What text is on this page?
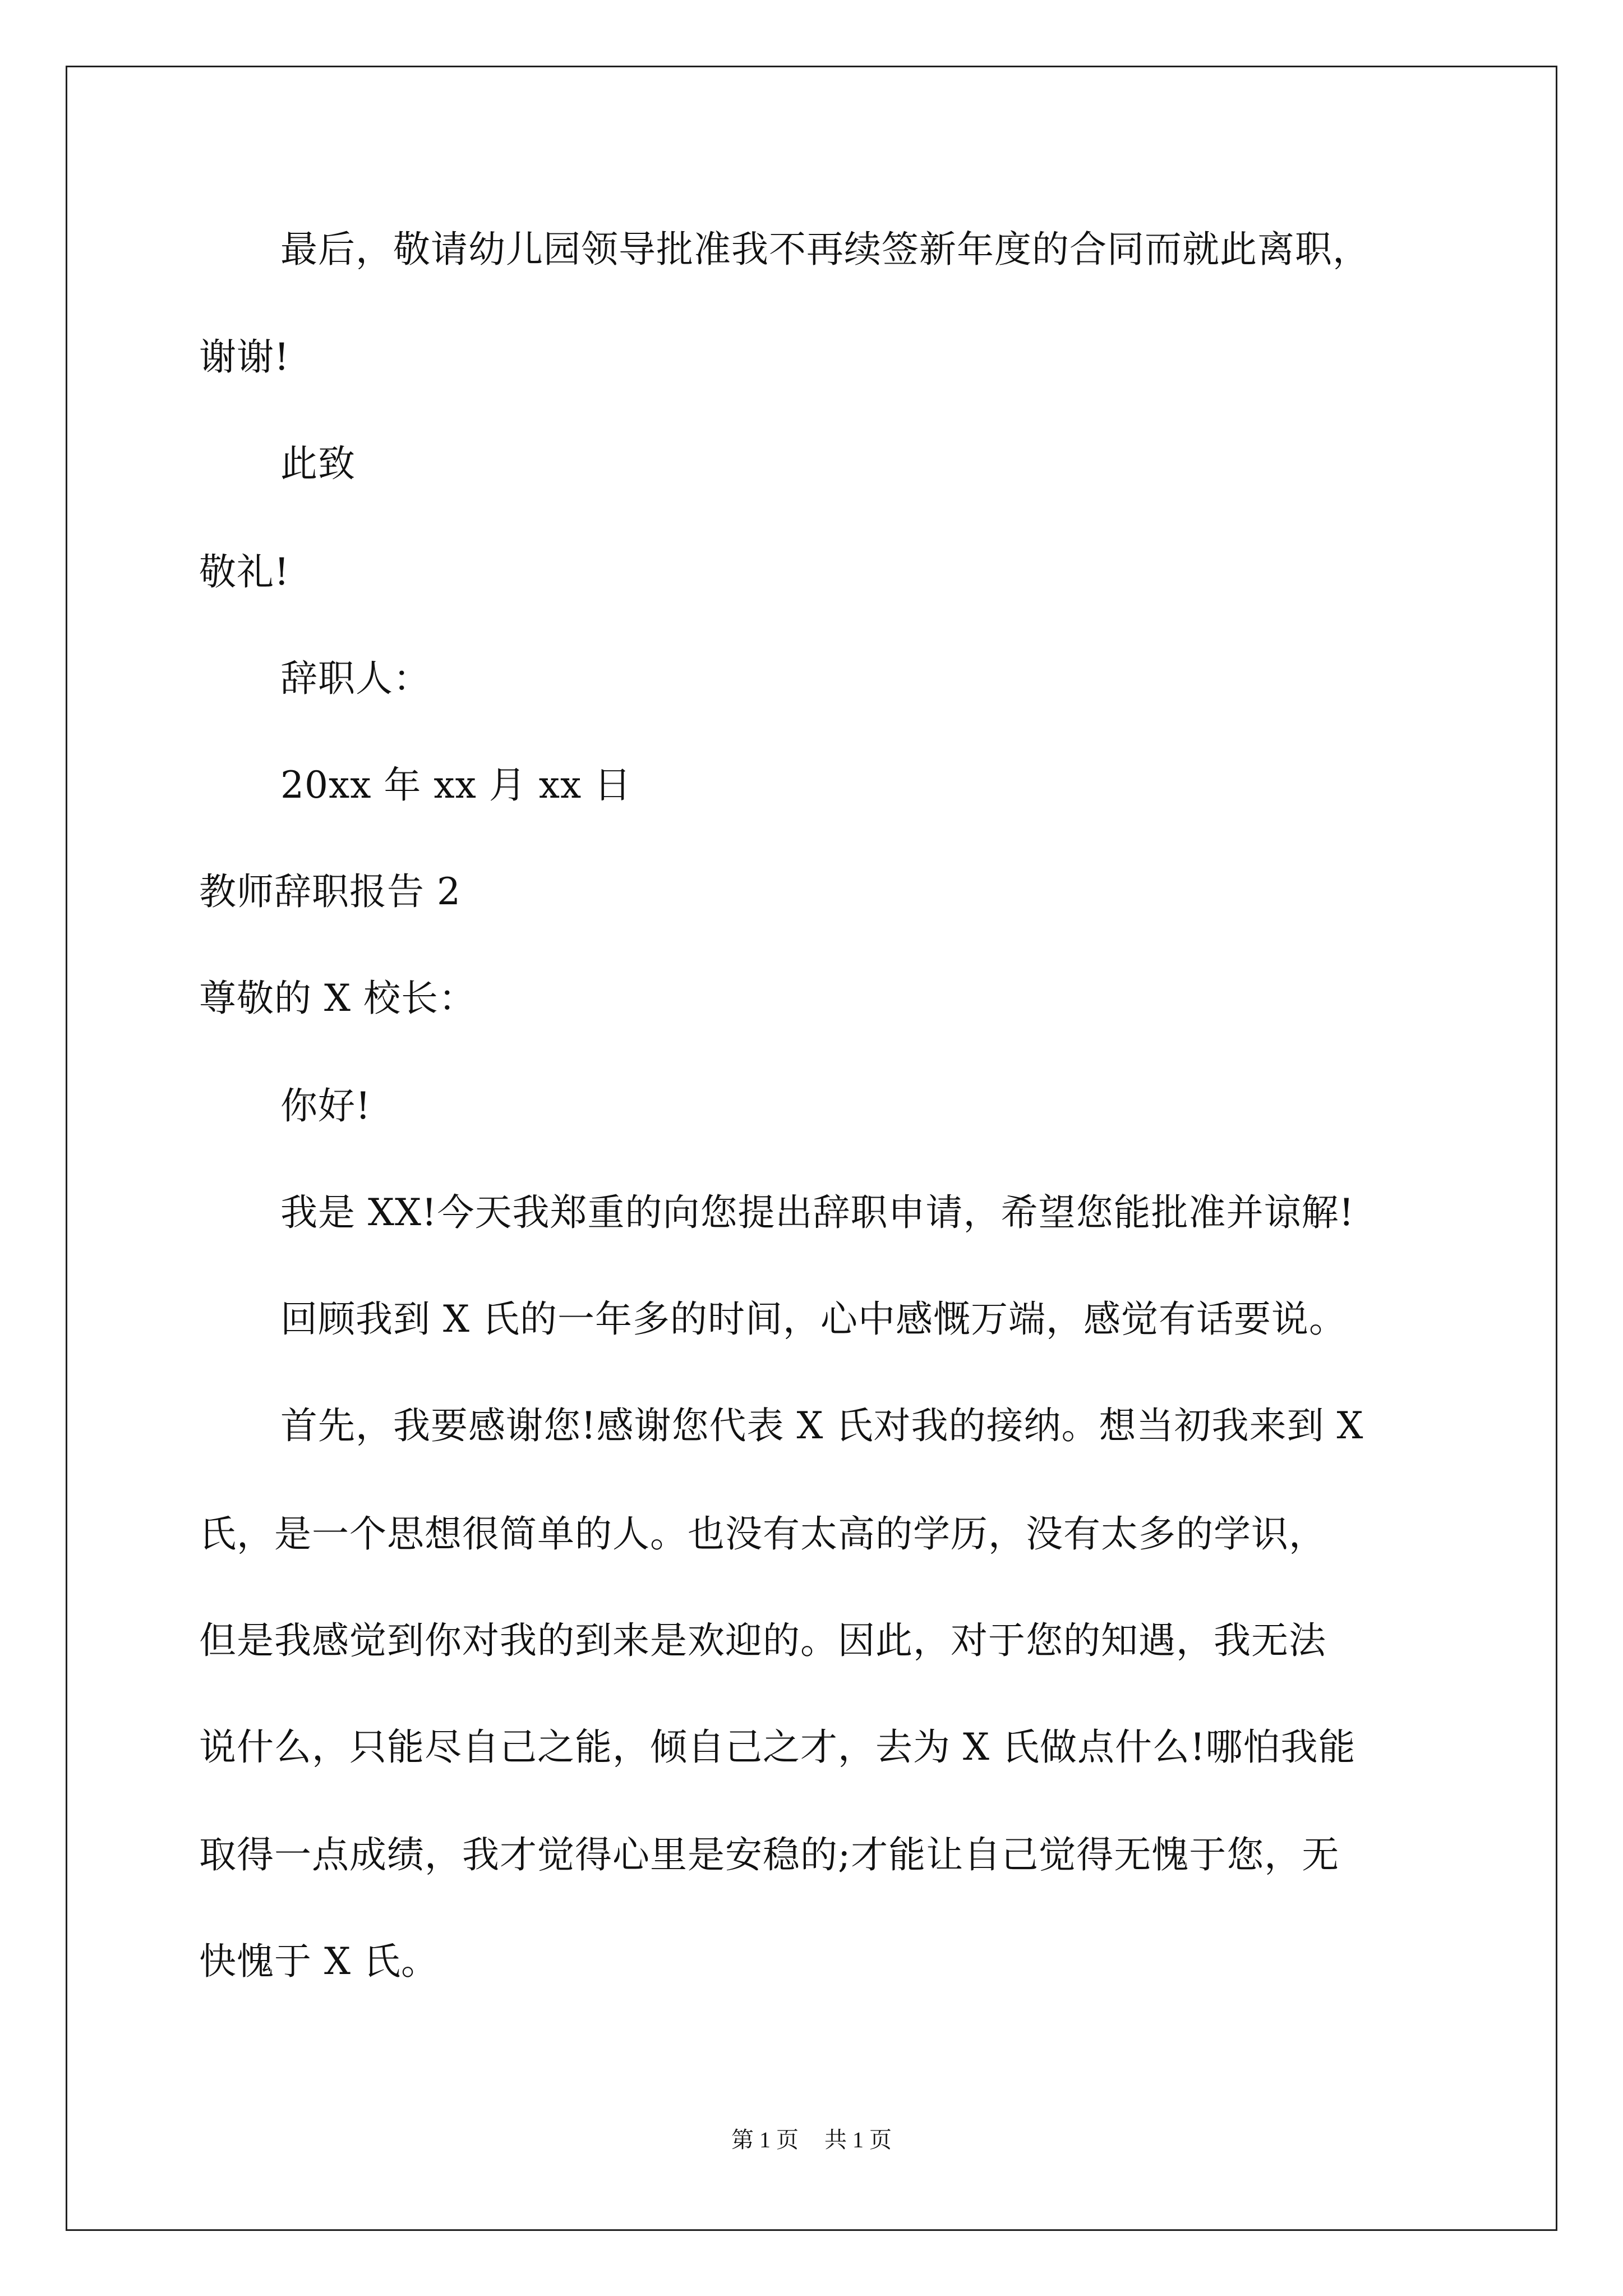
最后，敬请幼儿园领导批准我不再续签新年度的合同而就此离职，
谢谢!
此致
敬礼!
辞职人：
20xx 年 xx 月 xx 日
教师辞职报告 2
尊敬的 X 校长：
你好!
我是 XX!今天我郑重的向您提出辞职申请，希望您能批准并谅解!
回顾我到 X 氏的一年多的时间，心中感慨万端，感觉有话要说。
首先，我要感谢您!感谢您代表 X 氏对我的接纳。想当初我来到 X
氏，是一个思想很简单的人。也没有太高的学历，没有太多的学识，
但是我感觉到你对我的到来是欢迎的。因此，对于您的知遇，我无法
说什么，只能尽自己之能，倾自己之才，去为 X 氏做点什么!哪怕我能
取得一点成绩，我才觉得心里是安稳的;才能让自己觉得无愧于您，无
快愧于 X 氏。
第 1 页 共 1 页
